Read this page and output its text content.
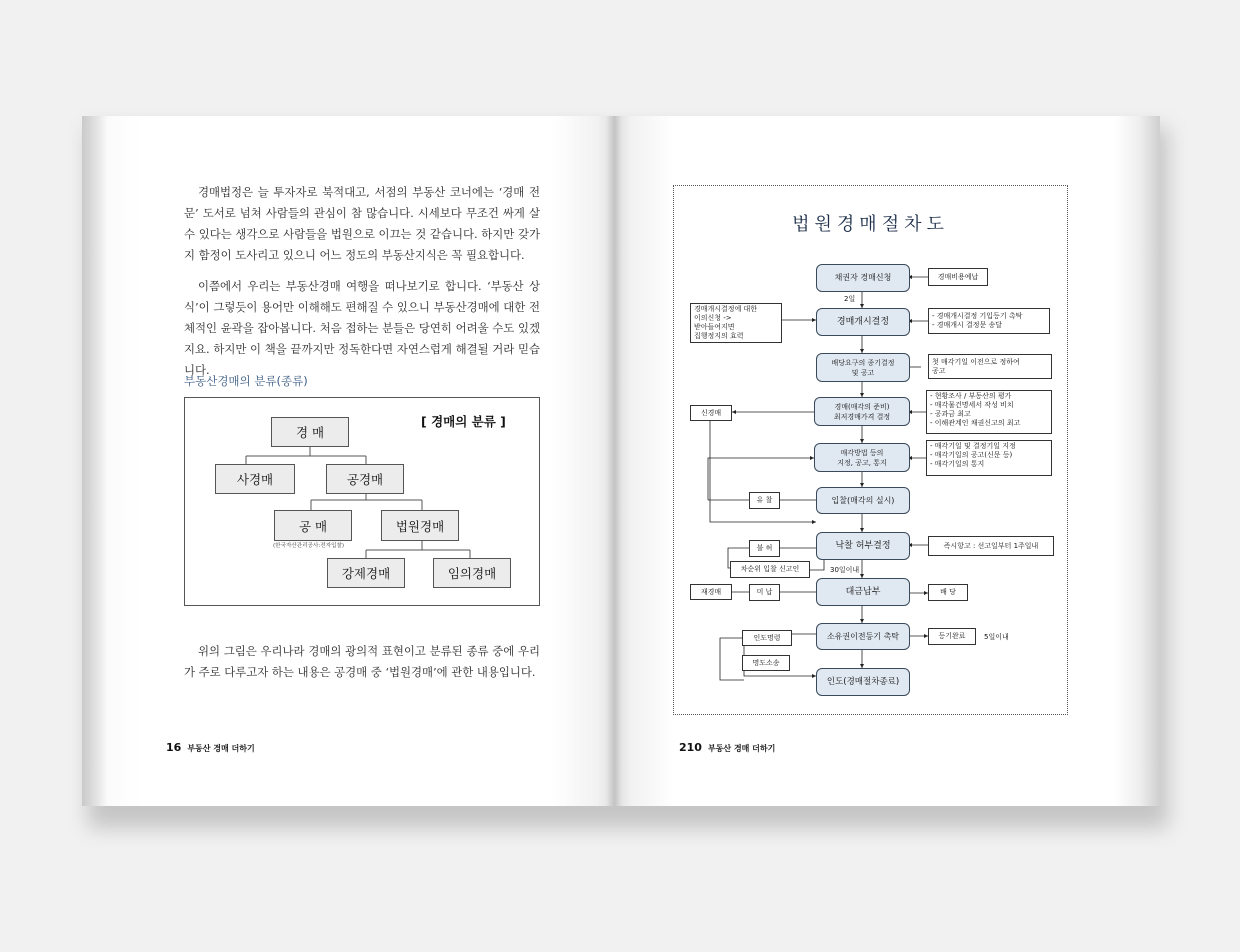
경매법정은 늘 투자자로 북적대고, 서점의 부동산 코너에는 ‘경매 전문’ 도서로 넘쳐 사람들의 관심이 참 많습니다. 시세보다 무조건 싸게 살 수 있다는 생각으로 사람들을 법원으로 이끄는 것 같습니다. 하지만 갖가지 함정이 도사리고 있으니 어느 정도의 부동산지식은 꼭 필요합니다.

이쯤에서 우리는 부동산경매 여행을 떠나보기로 합니다. ‘부동산 상식’이 그렇듯이 용어만 이해해도 편해질 수 있으니 부동산경매에 대한 전체적인 윤곽을 잡아봅니다. 처음 접하는 분들은 당연히 어려울 수도 있겠지요. 하지만 이 책을 끝까지만 정독한다면 자연스럽게 해결될 거라 믿습니다.

부동산경매의 분류(종류)
[ 경매의 분류 ]
경 매
사경매	공경매
공 매
(한국자산관리공사:전자입찰)
법원경매
강제경매	임의경매

위의 그림은 우리나라 경매의 광의적 표현이고 분류된 종류 중에 우리가 주로 다루고자 하는 내용은 공경매 중 ‘법원경매’에 관한 내용입니다.

16 부동산 경매 더하기
법원경매절차도
채권자 경매신청
경매개시결정
배당요구의 종기결정
및 공고
경매(매각의 준비)
최저경매가격 결정
매각방법 등의
지정, 공고, 통지
입찰(매각의 실시)
낙찰 허부결정
대금납부
소유권이전등기 촉탁
인도(경매절차종료)
경매비용예납
경매개시결정에 대한
이의신청 ->
받아들여지면
집행정지의 효력
- 경매개시결정 기입등기 촉탁
- 경매개시 결정문 송달
첫 매각기일 이전으로 정하여
공고
- 현황조사 / 부동산의 평가
- 매각물건명세서 작성 비치
- 공과금 최고
- 이해관계인 채권신고의 최고
- 매각기일 및 결정기일 지정
- 매각기일의 공고(신문 등)
- 매각기일의 통지
즉시항고 : 선고일부터 1주일내
배 당
등기완료	5일이내
신경매
유 찰
불 허
차순위 입찰 신고인
재경매	미 납
인도명령
명도소송
2일
30일이내
210 부동산 경매 더하기
